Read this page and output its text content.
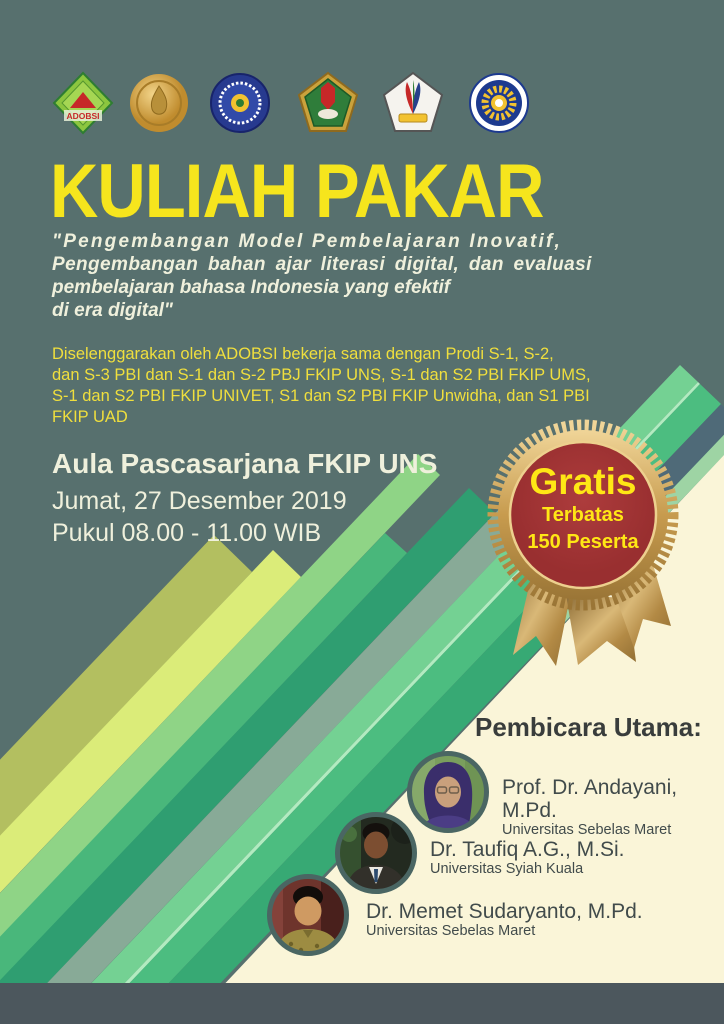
ADOBSI
KULIAH PAKAR
"Pengembangan Model Pembelajaran Inovatif,
Pengembangan bahan ajar literasi digital, dan evaluasi
pembelajaran bahasa Indonesia yang efektif
di era digital"
Diselenggarakan oleh ADOBSI bekerja sama dengan Prodi S-1, S-2,
dan S-3 PBI dan S-1 dan S-2 PBJ FKIP UNS, S-1 dan S2 PBI FKIP UMS,
S-1 dan S2 PBI FKIP UNIVET, S1 dan S2 PBI FKIP Unwidha, dan S1 PBI
FKIP UAD
Aula Pascasarjana FKIP UNS
Jumat, 27 Desember 2019
Pukul 08.00 - 11.00 WIB
Gratis
Terbatas
150 Peserta
Pembicara Utama:
Prof. Dr. Andayani, M.Pd.
Universitas Sebelas Maret
Dr. Taufiq A.G., M.Si.
Universitas Syiah Kuala
Dr. Memet Sudaryanto, M.Pd.
Universitas Sebelas Maret
